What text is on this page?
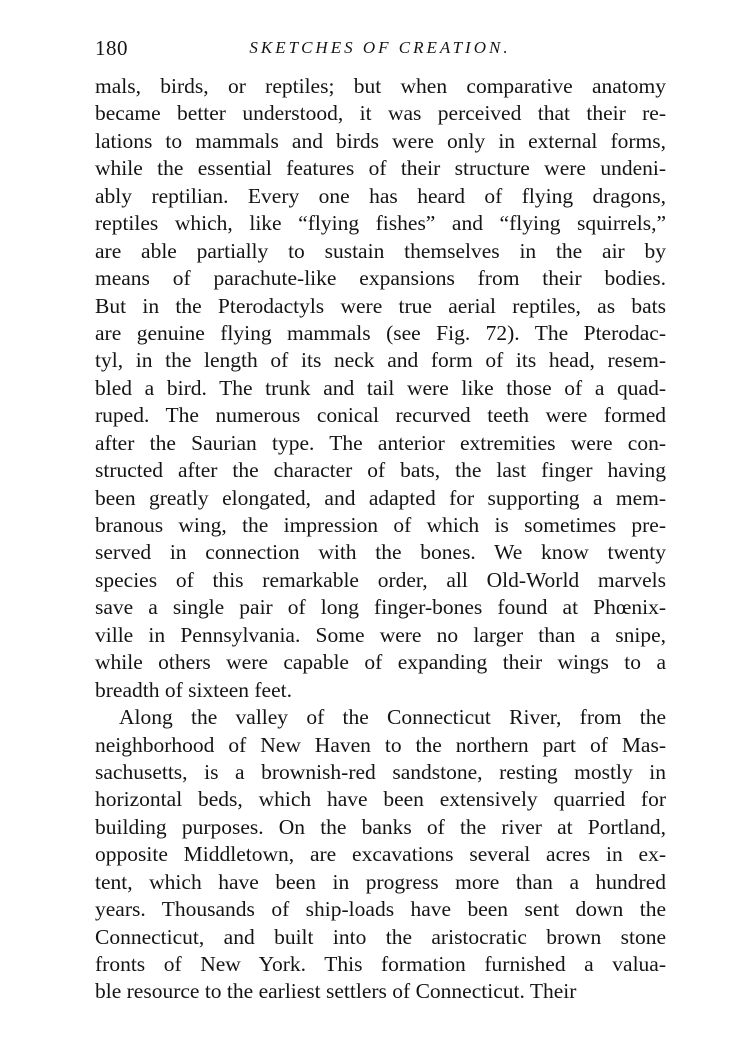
180	SKETCHES OF CREATION.
mals, birds, or reptiles; but when comparative anatomy
became better understood, it was perceived that their re-
lations to mammals and birds were only in external forms,
while the essential features of their structure were undeni-
ably reptilian. Every one has heard of flying dragons,
reptiles which, like “flying fishes” and “flying squirrels,”
are able partially to sustain themselves in the air by
means of parachute-like expansions from their bodies.
But in the Pterodactyls were true aerial reptiles, as bats
are genuine flying mammals (see Fig. 72). The Pterodac-
tyl, in the length of its neck and form of its head, resem-
bled a bird. The trunk and tail were like those of a quad-
ruped. The numerous conical recurved teeth were formed
after the Saurian type. The anterior extremities were con-
structed after the character of bats, the last finger having
been greatly elongated, and adapted for supporting a mem-
branous wing, the impression of which is sometimes pre-
served in connection with the bones. We know twenty
species of this remarkable order, all Old-World marvels
save a single pair of long finger-bones found at Phœnix-
ville in Pennsylvania. Some were no larger than a snipe,
while others were capable of expanding their wings to a
breadth of sixteen feet.
Along the valley of the Connecticut River, from the
neighborhood of New Haven to the northern part of Mas-
sachusetts, is a brownish-red sandstone, resting mostly in
horizontal beds, which have been extensively quarried for
building purposes. On the banks of the river at Portland,
opposite Middletown, are excavations several acres in ex-
tent, which have been in progress more than a hundred
years. Thousands of ship-loads have been sent down the
Connecticut, and built into the aristocratic brown stone
fronts of New York. This formation furnished a valua-
ble resource to the earliest settlers of Connecticut. Their
